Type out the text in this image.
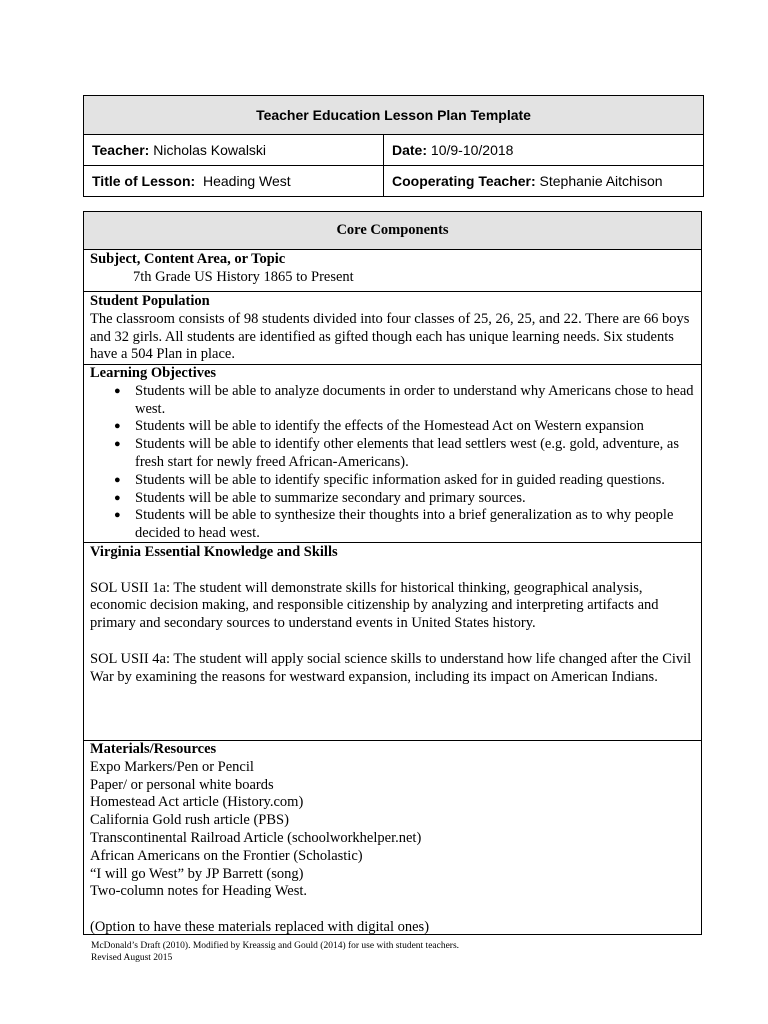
Teacher Education Lesson Plan Template	
Teacher: Nicholas Kowalski	Date: 10/9-10/2018
Title of Lesson: Heading West	Cooperating Teacher: Stephanie Aitchison
Core Components
Subject, Content Area, or Topic
7th Grade US History 1865 to Present
Student Population

The classroom consists of 98 students divided into four classes of 25, 26, 25, and 22. There are 66 boys and 32 girls. All students are identified as gifted though each has unique learning needs. Six students have a 504 Plan in place.

Learning Objectives
● Students will be able to analyze documents in order to understand why Americans chose to head west.
● Students will be able to identify the effects of the Homestead Act on Western expansion
● Students will be able to identify other elements that lead settlers west (e.g. gold, adventure, as fresh start for newly freed African-Americans).
● Students will be able to identify specific information asked for in guided reading questions.
● Students will be able to summarize secondary and primary sources.
● Students will be able to synthesize their thoughts into a brief generalization as to why people decided to head west.
Virginia Essential Knowledge and Skills

SOL USII 1a: The student will demonstrate skills for historical thinking, geographical analysis, economic decision making, and responsible citizenship by analyzing and interpreting artifacts and primary and secondary sources to understand events in United States history.

SOL USII 4a: The student will apply social science skills to understand how life changed after the Civil War by examining the reasons for westward expansion, including its impact on American Indians.

Materials/Resources
Expo Markers/Pen or Pencil
Paper/ or personal white boards
Homestead Act article (History.com)
California Gold rush article (PBS)
Transcontinental Railroad Article (schoolworkhelper.net)
African Americans on the Frontier (Scholastic)
“I will go West” by JP Barrett (song)
Two-column notes for Heading West.
(Option to have these materials replaced with digital ones)
McDonald’s Draft (2010). Modified by Kreassig and Gould (2014) for use with student teachers.
Revised August 2015
